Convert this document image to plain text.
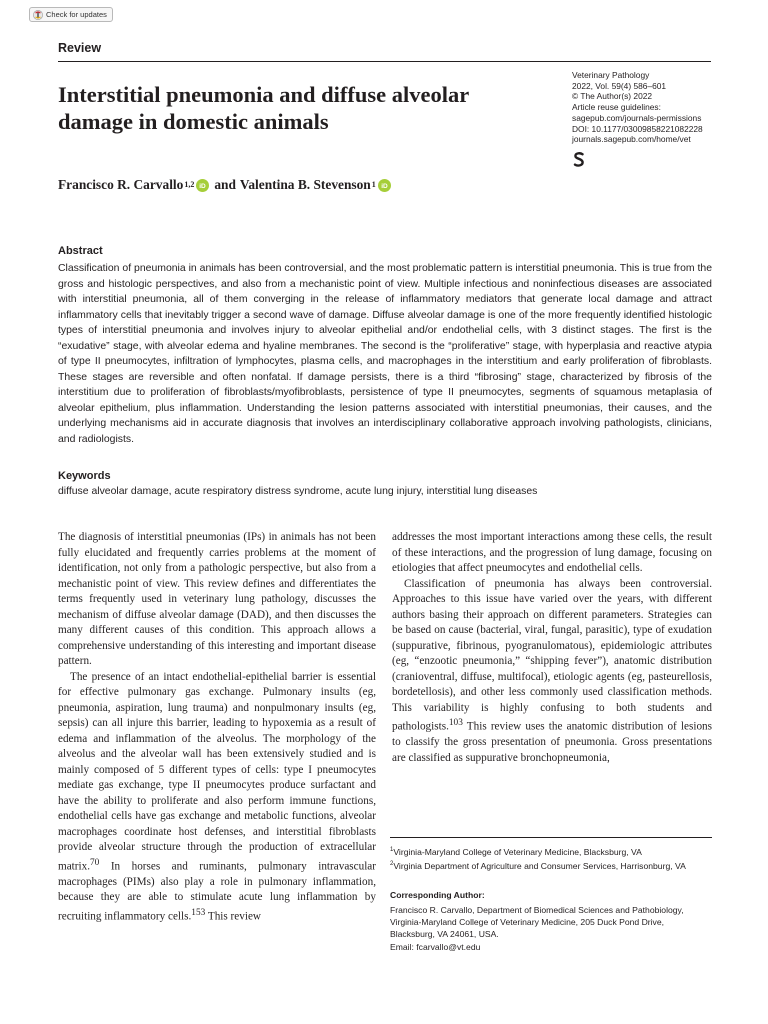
Check for updates
Review
Interstitial pneumonia and diffuse alveolar damage in domestic animals
Veterinary Pathology
2022, Vol. 59(4) 586–601
© The Author(s) 2022
Article reuse guidelines:
sagepub.com/journals-permissions
DOI: 10.1177/03009858221082228
journals.sagepub.com/home/vet
Francisco R. Carvallo$^{1,2}$ iD and Valentina B. Stevenson$^1$ iD
Abstract

Classification of pneumonia in animals has been controversial, and the most problematic pattern is interstitial pneumonia. This is true from the gross and histologic perspectives, and also from a mechanistic point of view. Multiple infectious and noninfectious diseases are associated with interstitial pneumonia, all of them converging in the release of inflammatory mediators that generate local damage and attract inflammatory cells that inevitably trigger a second wave of damage. Diffuse alveolar damage is one of the more frequently identified histologic types of interstitial pneumonia and involves injury to alveolar epithelial and/or endothelial cells, with 3 distinct stages. The first is the “exudative” stage, with alveolar edema and hyaline membranes. The second is the “proliferative” stage, with hyperplasia and reactive atypia of type II pneumocytes, infiltration of lymphocytes, plasma cells, and macrophages in the interstitium and early proliferation of fibroblasts. These stages are reversible and often nonfatal. If damage persists, there is a third “fibrosing” stage, characterized by fibrosis of the interstitium due to proliferation of fibroblasts/myofibroblasts, persistence of type II pneumocytes, segments of squamous metaplasia of alveolar epithelium, plus inflammation. Understanding the lesion patterns associated with interstitial pneumonias, their causes, and the underlying mechanisms aid in accurate diagnosis that involves an interdisciplinary collaborative approach involving pathologists, clinicians, and radiologists.

Keywords
diffuse alveolar damage, acute respiratory distress syndrome, acute lung injury, interstitial lung diseases

The diagnosis of interstitial pneumonias (IPs) in animals has not been fully elucidated and frequently carries problems at the moment of identification, not only from a pathologic perspective, but also from a mechanistic point of view. This review defines and differentiates the terms frequently used in veterinary lung pathology, discusses the mechanism of diffuse alveolar damage (DAD), and then discusses the many different causes of this condition. This approach allows a comprehensive understanding of this interesting and important disease pattern.

The presence of an intact endothelial-epithelial barrier is essential for effective pulmonary gas exchange. Pulmonary insults (eg, pneumonia, aspiration, lung trauma) and nonpulmonary insults (eg, sepsis) can all injure this barrier, leading to hypoxemia as a result of edema and inflammation of the alveolus. The morphology of the alveolus and the alveolar wall has been extensively studied and is mainly composed of 5 different types of cells: type I pneumocytes mediate gas exchange, type II pneumocytes produce surfactant and have the ability to proliferate and also perform immune functions, endothelial cells have gas exchange and metabolic functions, alveolar macrophages coordinate host defenses, and interstitial fibroblasts provide alveolar structure through the production of extracellular matrix.$^{70}$ In horses and ruminants, pulmonary intravascular macrophages (PIMs) also play a role in pulmonary inflammation, because they are able to stimulate acute lung inflammation by recruiting inflammatory cells.$^{153}$ This review

addresses the most important interactions among these cells, the result of these interactions, and the progression of lung damage, focusing on etiologies that affect pneumocytes and endothelial cells.

Classification of pneumonia has always been controversial. Approaches to this issue have varied over the years, with different authors basing their approach on different parameters. Strategies can be based on cause (bacterial, viral, fungal, parasitic), type of exudation (suppurative, fibrinous, pyogranulomatous), epidemiologic attributes (eg, “enzootic pneumonia,” “shipping fever”), anatomic distribution (cranioventral, diffuse, multifocal), etiologic agents (eg, pasteurellosis, bordetellosis), and other less commonly used classification methods. This variability is highly confusing to both students and pathologists.$^{103}$ This review uses the anatomic distribution of lesions to classify the gross presentation of pneumonia. Gross presentations are classified as suppurative bronchopneumonia,

$^1$Virginia-Maryland College of Veterinary Medicine, Blacksburg, VA

$^2$Virginia Department of Agriculture and Consumer Services, Harrisonburg, VA

Corresponding Author:

Francisco R. Carvallo, Department of Biomedical Sciences and Pathobiology,

Virginia-Maryland College of Veterinary Medicine, 205 Duck Pond Drive,

Blacksburg, VA 24061, USA.

Email: fcarvallo@vt.edu
